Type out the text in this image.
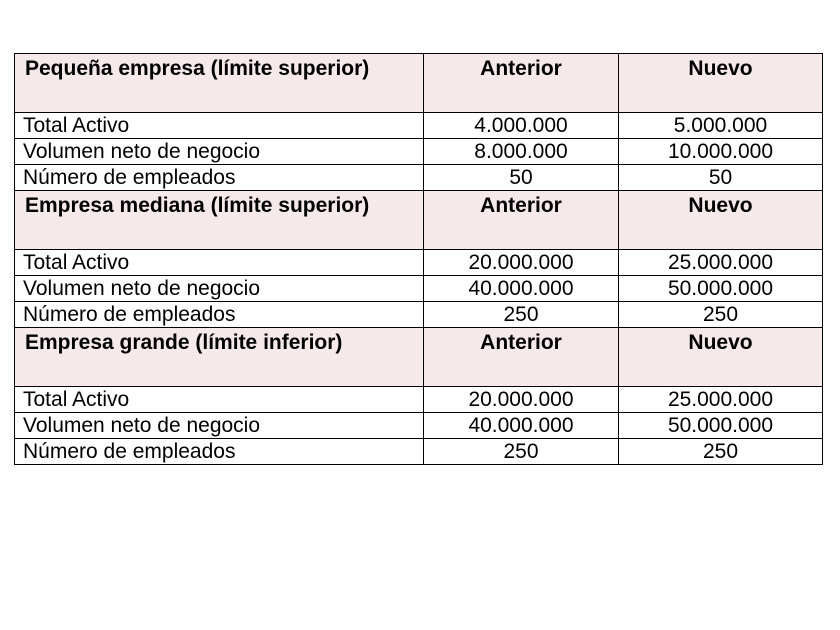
Pequeña empresa (límite superior)	Anterior	Nuevo
Total Activo	4.000.000	5.000.000
Volumen neto de negocio	8.000.000	10.000.000
Número de empleados	50	50
Empresa mediana (límite superior)	Anterior	Nuevo
Total Activo	20.000.000	25.000.000
Volumen neto de negocio	40.000.000	50.000.000
Número de empleados	250	250
Empresa grande (límite inferior)	Anterior	Nuevo
Total Activo	20.000.000	25.000.000
Volumen neto de negocio	40.000.000	50.000.000
Número de empleados	250	250
